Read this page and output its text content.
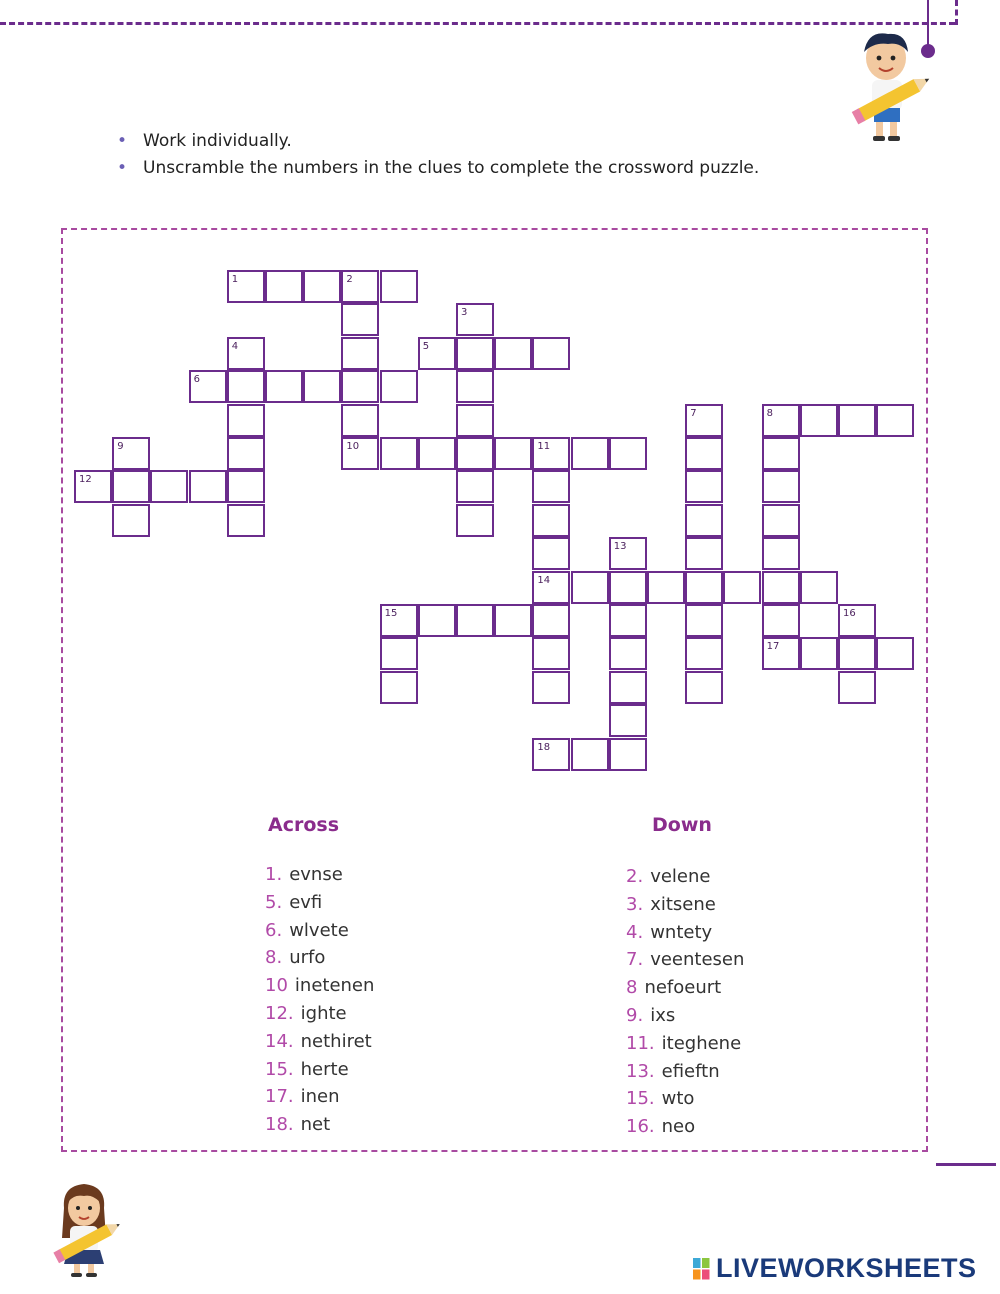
• Work individually.
• Unscramble the numbers in the clues to complete the crossword puzzle.
1	2
10
3
4	5
6
7	8
17
9	11
14
12
13
15	16
18
Across	Down
1. evnse
5. evfi
6. wlvete
8. urfo
10 inetenen
12. ighte
14. nethiret
15. herte
17. inen
18. net
2. velene
3. xitsene
4. wntety
7. veentesen
8 nefoeurt
9. ixs
11. iteghene
13. efieftn
15. wto
16. neo
LIVEWORKSHEETS
